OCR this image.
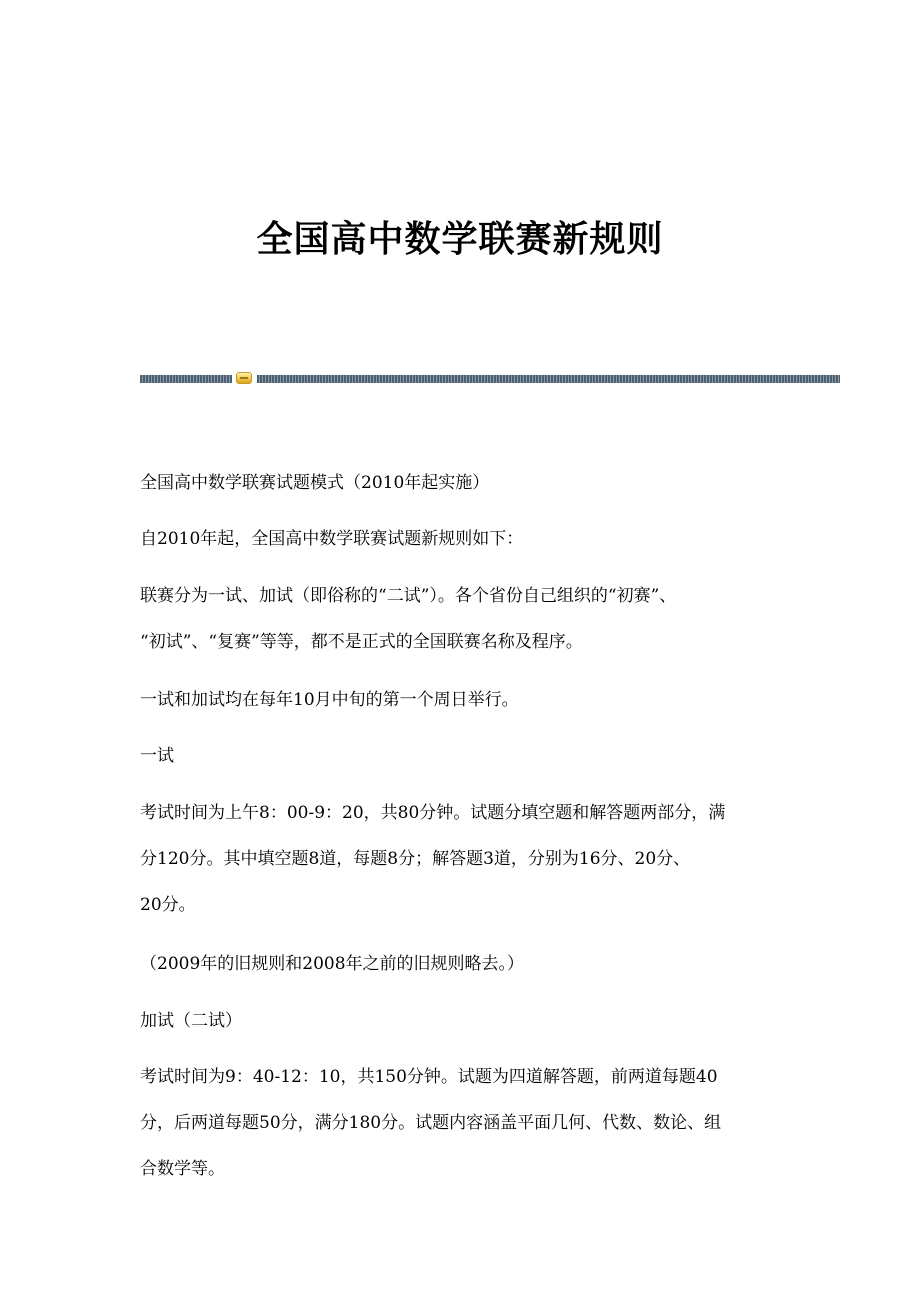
全国高中数学联赛新规则

全国高中数学联赛试题模式（2010年起实施）

自2010年起，全国高中数学联赛试题新规则如下：

联赛分为一试、加试（即俗称的“二试”）。各个省份自己组织的“初赛”、
“初试”、“复赛”等等，都不是正式的全国联赛名称及程序。

一试和加试均在每年10月中旬的第一个周日举行。

一试

考试时间为上午8：00-9：20，共80分钟。试题分填空题和解答题两部分，满
分120分。其中填空题8道，每题8分；解答题3道，分别为16分、20分、
20分。

（2009年的旧规则和2008年之前的旧规则略去。）

加试（二试）

考试时间为9：40-12：10，共150分钟。试题为四道解答题，前两道每题40
分，后两道每题50分，满分180分。试题内容涵盖平面几何、代数、数论、组
合数学等。
